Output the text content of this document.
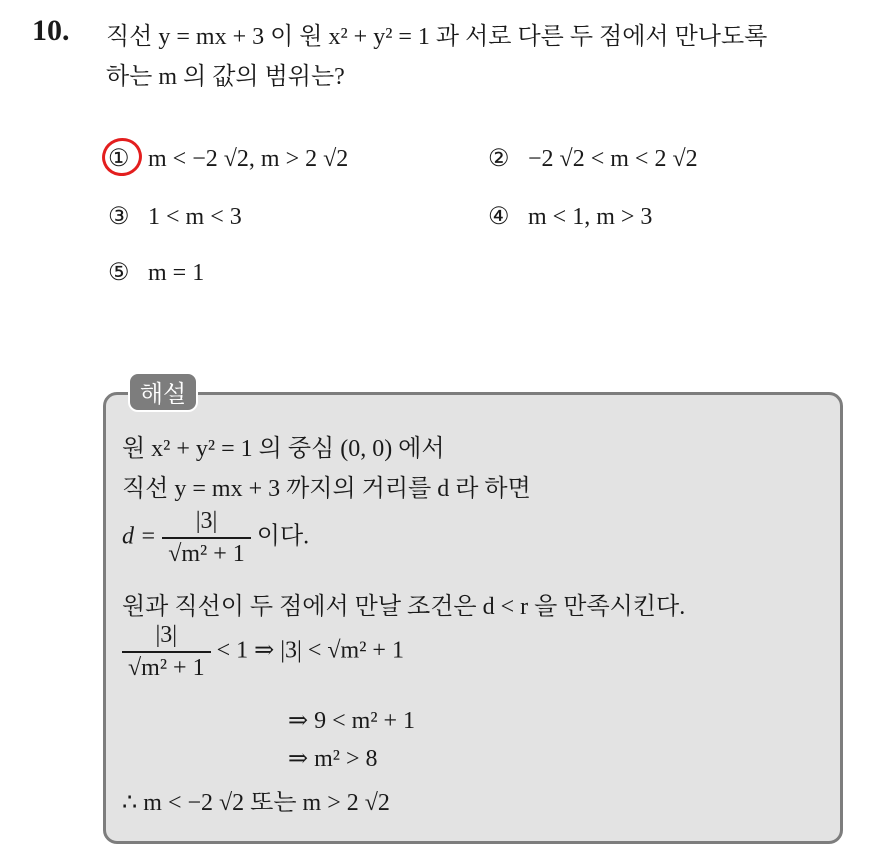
10. 직선 y = mx + 3 이 원 x² + y² = 1 과 서로 다른 두 점에서 만나도록
하는 m 의 값의 범위는?
① m < −2 √2, m > 2 √2	② −2 √2 < m < 2 √2
③ 1 < m < 3	④ m < 1, m > 3
⑤ m = 1
해설
원 x² + y² = 1 의 중심 (0, 0) 에서
직선 y = mx + 3 까지의 거리를 d 라 하면
$d = \frac{|3|}{\text{√m² + 1}}$ 이다.
원과 직선이 두 점에서 만날 조건은 d < r 을 만족시킨다.
$\frac{|3|}{\text{√m² + 1}} < 1$ ⇒ |3| < √m² + 1
⇒ 9 < m² + 1
⇒ m² > 8
∴ m < −2 √2 또는 m > 2 √2
